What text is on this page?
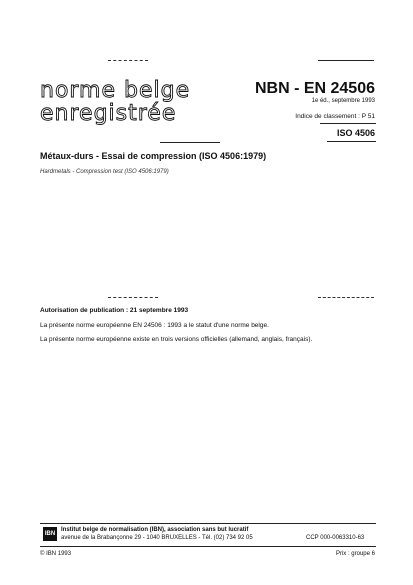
norme belge
enregistrée
NBN - EN 24506
1e éd., septembre 1993
Indice de classement : P 51
ISO 4506
Métaux-durs - Essai de compression (ISO 4506:1979)
Hardmetals - Compression test (ISO 4506:1979)
Autorisation de publication : 21 septembre 1993
La présente norme européenne EN 24506 : 1993 a le statut d'une norme belge.
La présente norme européenne existe en trois versions officielles (allemand, anglais, français).
IBN
Institut belge de normalisation (IBN), association sans but lucratif
avenue de la Brabançonne 29 - 1040 BRUXELLES - Tél. (02) 734 92 05	CCP 000-0063310-63
© IBN 1993	Prix : groupe 6
